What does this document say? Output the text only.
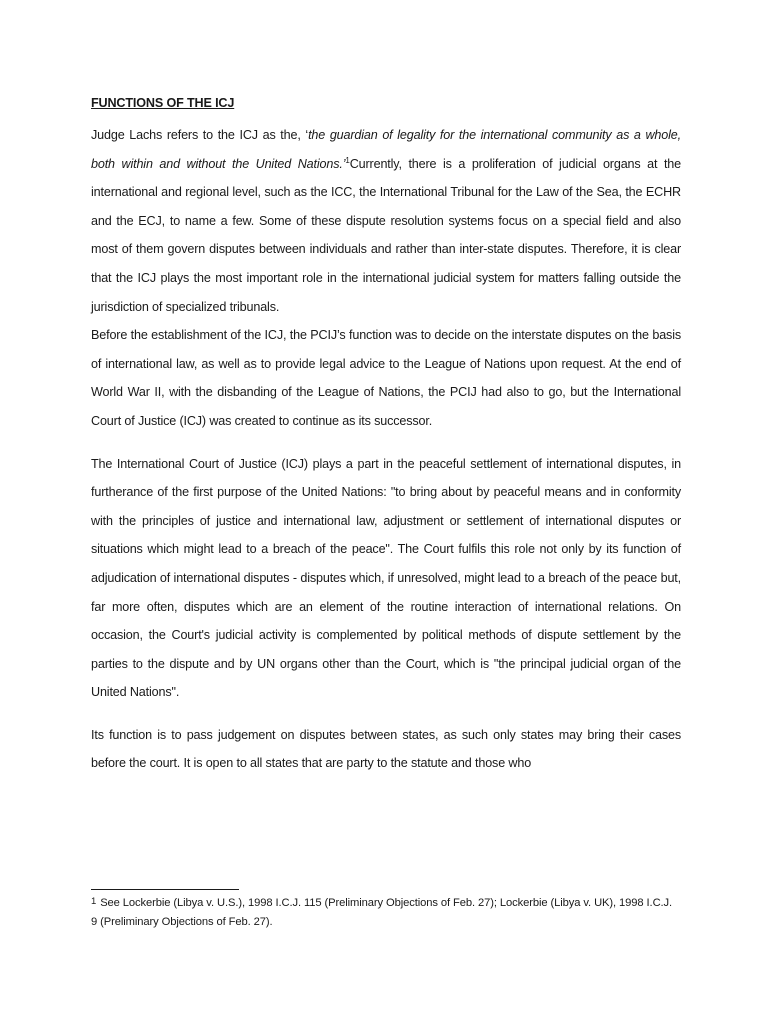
FUNCTIONS OF THE ICJ

Judge Lachs refers to the ICJ as the, ‘the guardian of legality for the international community as a whole, both within and without the United Nations.’$^1$Currently, there is a proliferation of judicial organs at the international and regional level, such as the ICC, the International Tribunal for the Law of the Sea, the ECHR and the ECJ, to name a few. Some of these dispute resolution systems focus on a special field and also most of them govern disputes between individuals and rather than inter-state disputes. Therefore, it is clear that the ICJ plays the most important role in the international judicial system for matters falling outside the jurisdiction of specialized tribunals.

Before the establishment of the ICJ, the PCIJ’s function was to decide on the interstate disputes on the basis of international law, as well as to provide legal advice to the League of Nations upon request. At the end of World War II, with the disbanding of the League of Nations, the PCIJ had also to go, but the International Court of Justice (ICJ) was created to continue as its successor.

The International Court of Justice (ICJ) plays a part in the peaceful settlement of international disputes, in furtherance of the first purpose of the United Nations: "to bring about by peaceful means and in conformity with the principles of justice and international law, adjustment or settlement of international disputes or situations which might lead to a breach of the peace". The Court fulfils this role not only by its function of adjudication of international disputes - disputes which, if unresolved, might lead to a breach of the peace but, far more often, disputes which are an element of the routine interaction of international relations. On occasion, the Court's judicial activity is complemented by political methods of dispute settlement by the parties to the dispute and by UN organs other than the Court, which is "the principal judicial organ of the United Nations".

Its function is to pass judgement on disputes between states, as such only states may bring their cases before the court. It is open to all states that are party to the statute and those who

1 See Lockerbie (Libya v. U.S.), 1998 I.C.J. 115 (Preliminary Objections of Feb. 27); Lockerbie (Libya v. UK), 1998 I.C.J. 9 (Preliminary Objections of Feb. 27).
